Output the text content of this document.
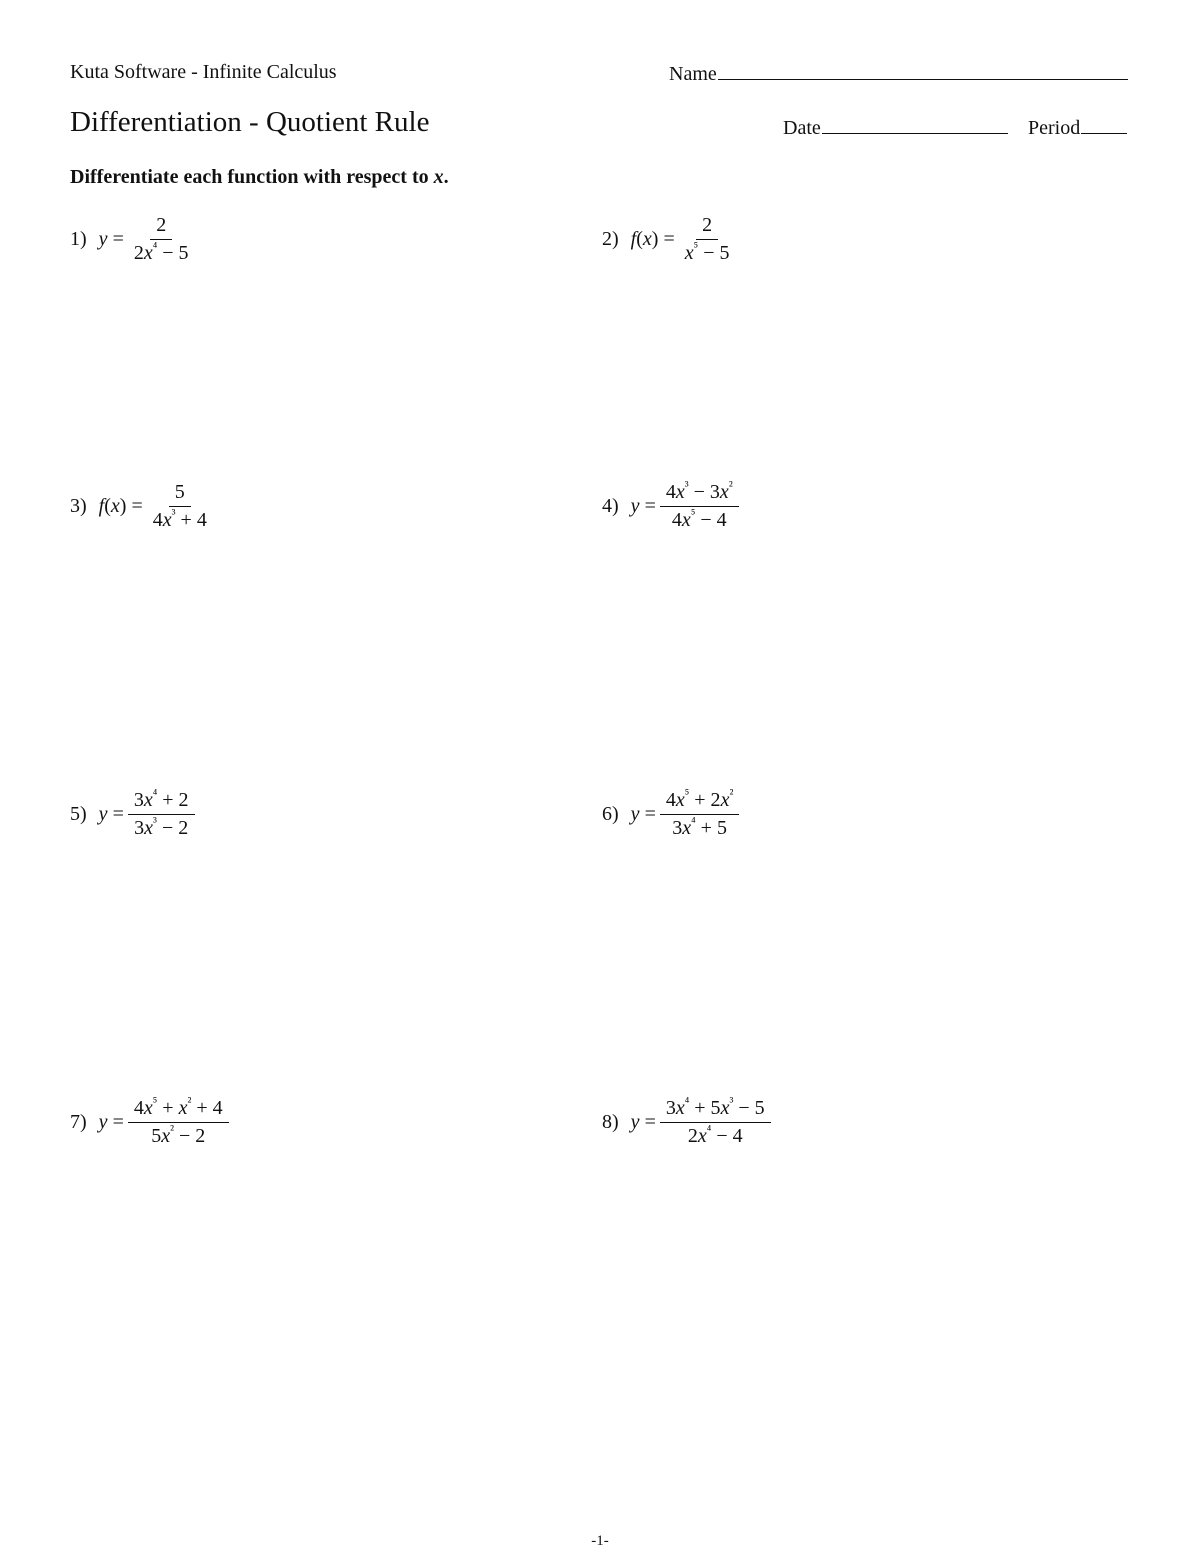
Kuta Software - Infinite Calculus	Name
Differentiation - Quotient Rule	Date	Period
Differentiate each function with respect to x.
1) $y = \frac{2}{2x^{^4} - 5}$	2) $f(x) = \frac{2}{x^{^5} - 5}$
3) $f(x) = \frac{5}{4x^{^3} + 4}$	4) $y = \frac{4x^{^3} - 3x^{^2}}{4x^{^5} - 4}$
5) $y = \frac{3x^{^4} + 2}{3x^{^3} - 2}$	6) $y = \frac{4x^{^5} + 2x^{^2}}{3x^{^4} + 5}$
7) $y = \frac{4x^{^5} + x^{^2} + 4}{5x^{^2} - 2}$	8) $y = \frac{3x^{^4} + 5x^{^3} - 5}{2x^{^4} - 4}$
-1-
